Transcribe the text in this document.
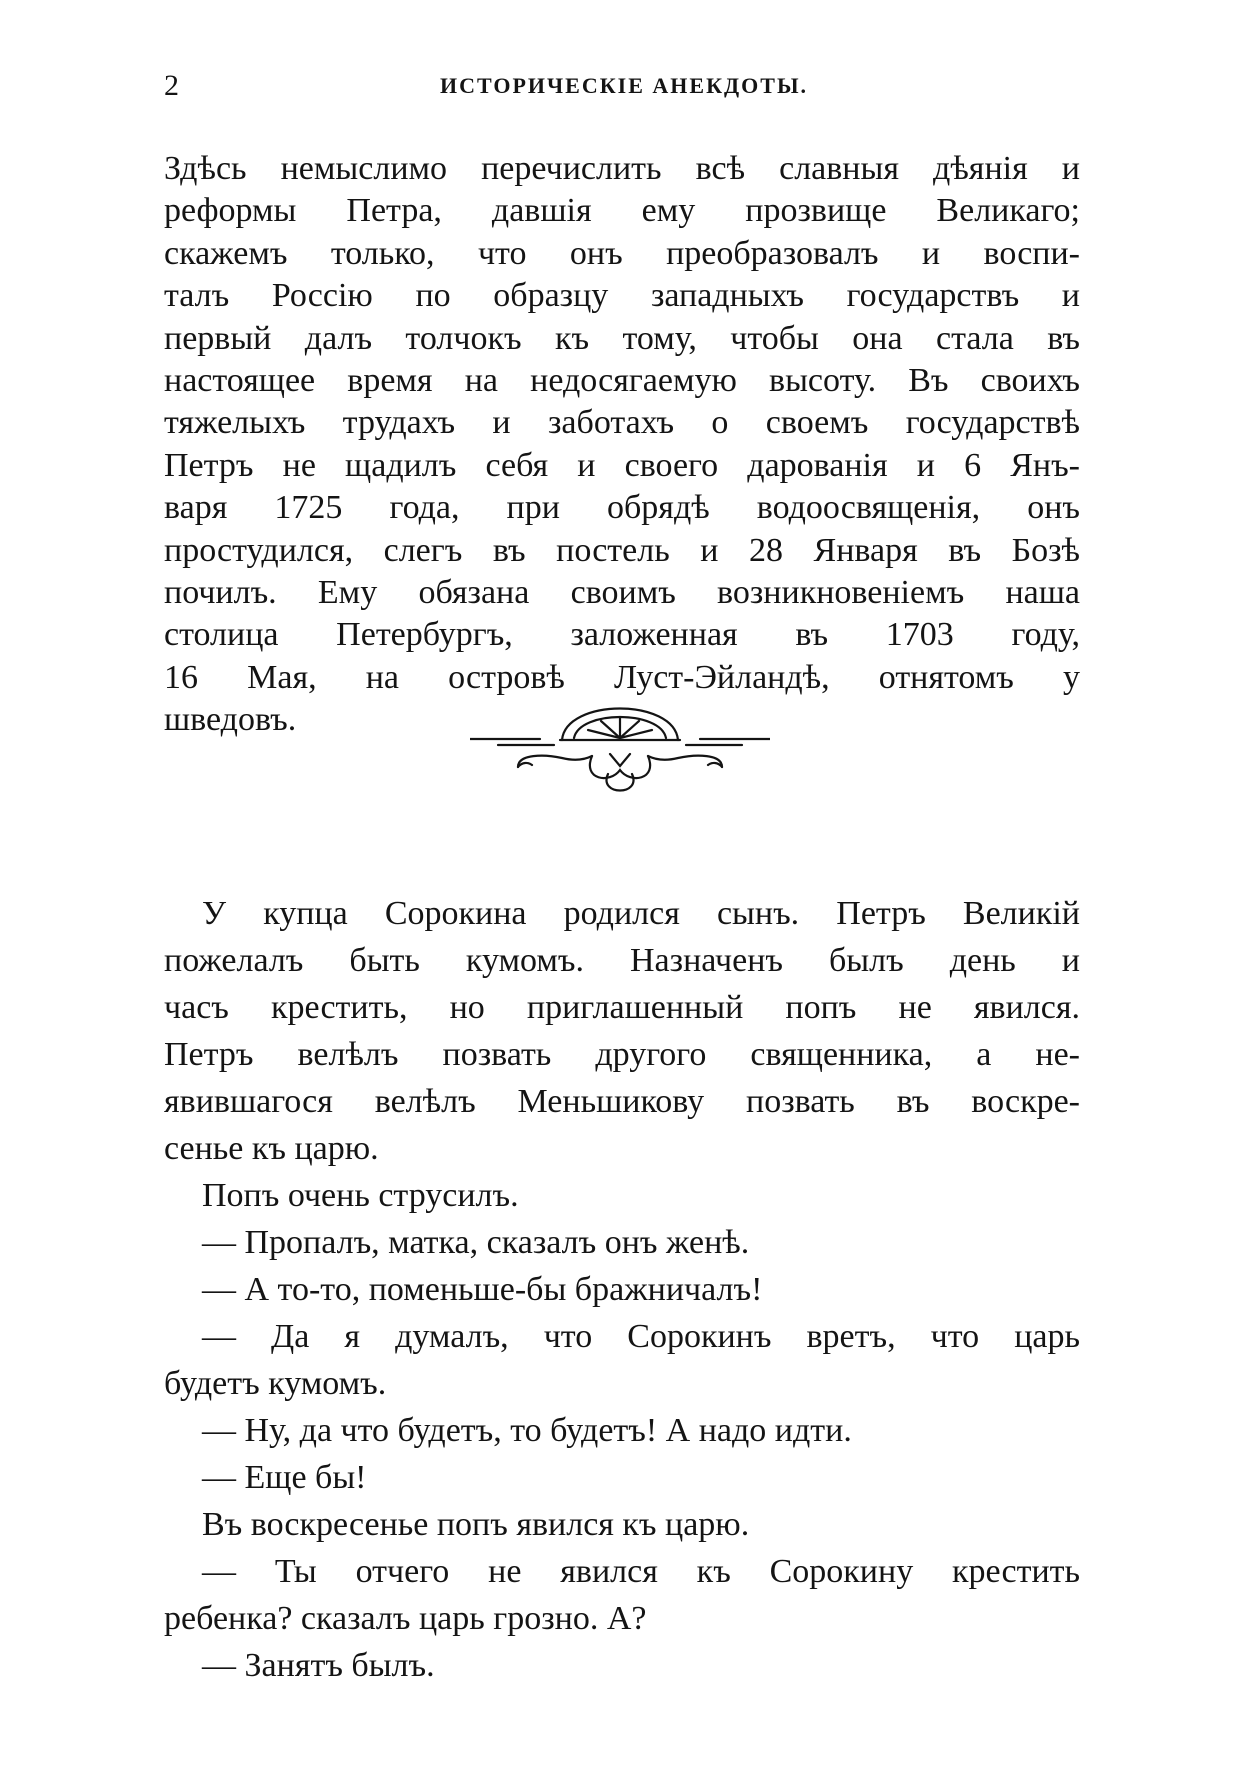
2	ИСТОРИЧЕСКІЕ АНЕКДОТЫ.
Здѣсь немыслимо перечислить всѣ славныя дѣянія и
реформы Петра, давшія ему прозвище Великаго;
скажемъ только, что онъ преобразовалъ и воспи-
талъ Россію по образцу западныхъ государствъ и
первый далъ толчокъ къ тому, чтобы она стала въ
настоящее время на недосягаемую высоту. Въ своихъ
тяжелыхъ трудахъ и заботахъ о своемъ государствѣ
Петръ не щадилъ себя и своего дарованія и 6 Янъ-
варя 1725 года, при обрядѣ водоосвященія, онъ
простудился, слегъ въ постель и 28 Января въ Бозѣ
почилъ. Ему обязана своимъ возникновеніемъ наша
столица Петербургъ, заложенная въ 1703 году,
16 Мая, на островѣ Луст-Эйландѣ, отнятомъ у
шведовъ.
У купца Сорокина родился сынъ. Петръ Великій
пожелалъ быть кумомъ. Назначенъ былъ день и
часъ крестить, но приглашенный попъ не явился.
Петръ велѣлъ позвать другого священника, а не-
явившагося велѣлъ Меньшикову позвать въ воскре-
сенье къ царю.
Попъ очень струсилъ.
— Пропалъ, матка, сказалъ онъ женѣ.
— А то-то, поменьше-бы бражничалъ!
— Да я думалъ, что Сорокинъ вретъ, что царь
будетъ кумомъ.
— Ну, да что будетъ, то будетъ! А надо идти.
— Еще бы!
Въ воскресенье попъ явился къ царю.
— Ты отчего не явился къ Сорокину крестить
ребенка? сказалъ царь грозно. А?
— Занятъ былъ.
